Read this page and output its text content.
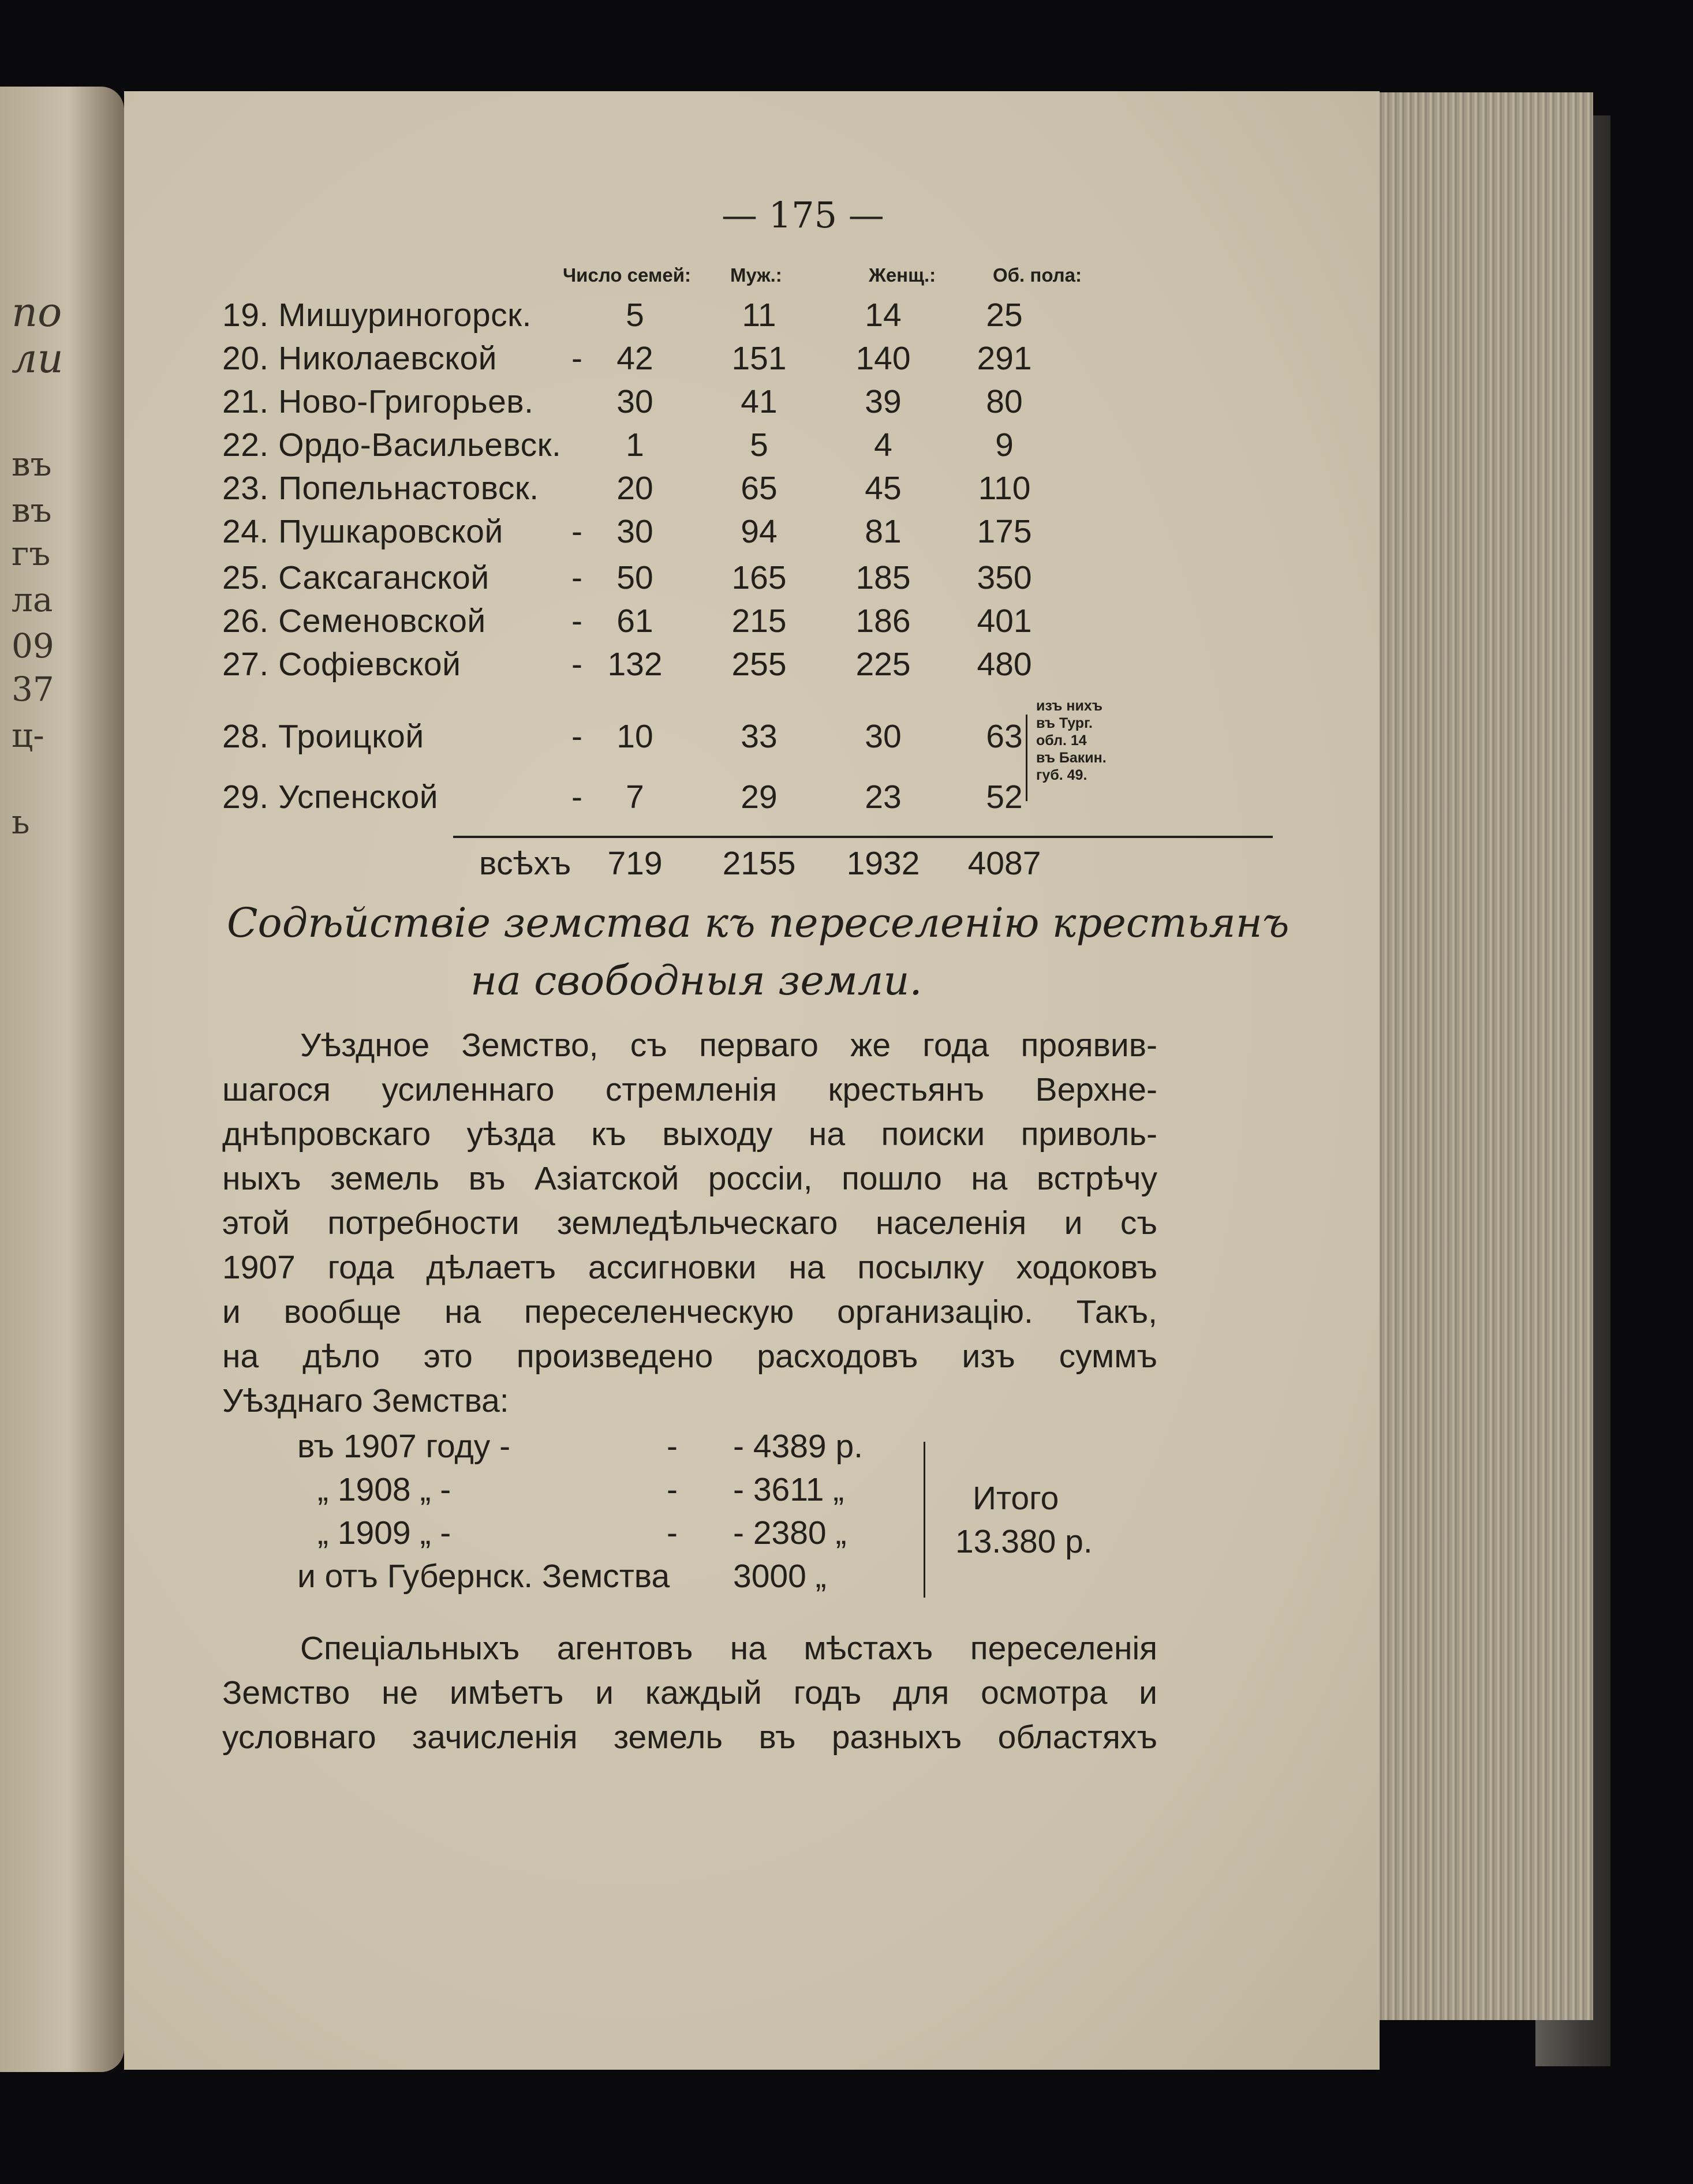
по
ли
въ
въ
гъ
ла
09
37
ц-
ь
— 175 —
Число семей: Муж.:	Женщ.:	Об. пола:
19. Мишуриногорск.	5	11	14	25
20. Николаевской -	42	151	140	291
21. Ново-Григорьев.	30	41	39	80
22. Ордо-Васильевск.	1	5	4	9
23. Попельнастовск.	20	65	45	110
24. Пушкаровской -	30	94	81	175
25. Саксаганской -	50	165	185	350
26. Семеновской	-	61	215	186	401
27. Софіевской	- 132	255	225	480
28. Троицкой	-	10	33	30	63
29. Успенской	-	7	29	23	52
изъ нихъ
въ Тург.
обл. 14
въ Бакин.
губ. 49.
всѣхъ	719	2155 1932 4087
Содѣйствіе земства къ переселенію крестьянъ
на свободныя земли.
Уѣздное Земство, съ перваго же года проявив-
шагося усиленнаго стремленія крестьянъ Верхне-
днѣпровскаго уѣзда къ выходу на поиски приволь-
ныхъ земель въ Азіатской россіи, пошло на встрѣчу
этой потребности земледѣльческаго населенія и съ
1907 года дѣлаетъ ассигновки на посылку ходоковъ
и вообще на переселенческую организацію. Такъ,
на дѣло это произведено расходовъ изъ суммъ
Уѣзднаго Земства:
въ 1907 году -	- - 4389 р.
„ 1908 „ -	- - 3611 „
„ 1909 „ -	- - 2380 „
и отъ Губернск. Земства 3000 „
Итого
13.380 р.
Спеціальныхъ агентовъ на мѣстахъ переселенія
Земство не имѣетъ и каждый годъ для осмотра и
условнаго зачисленія земель въ разныхъ областяхъ
